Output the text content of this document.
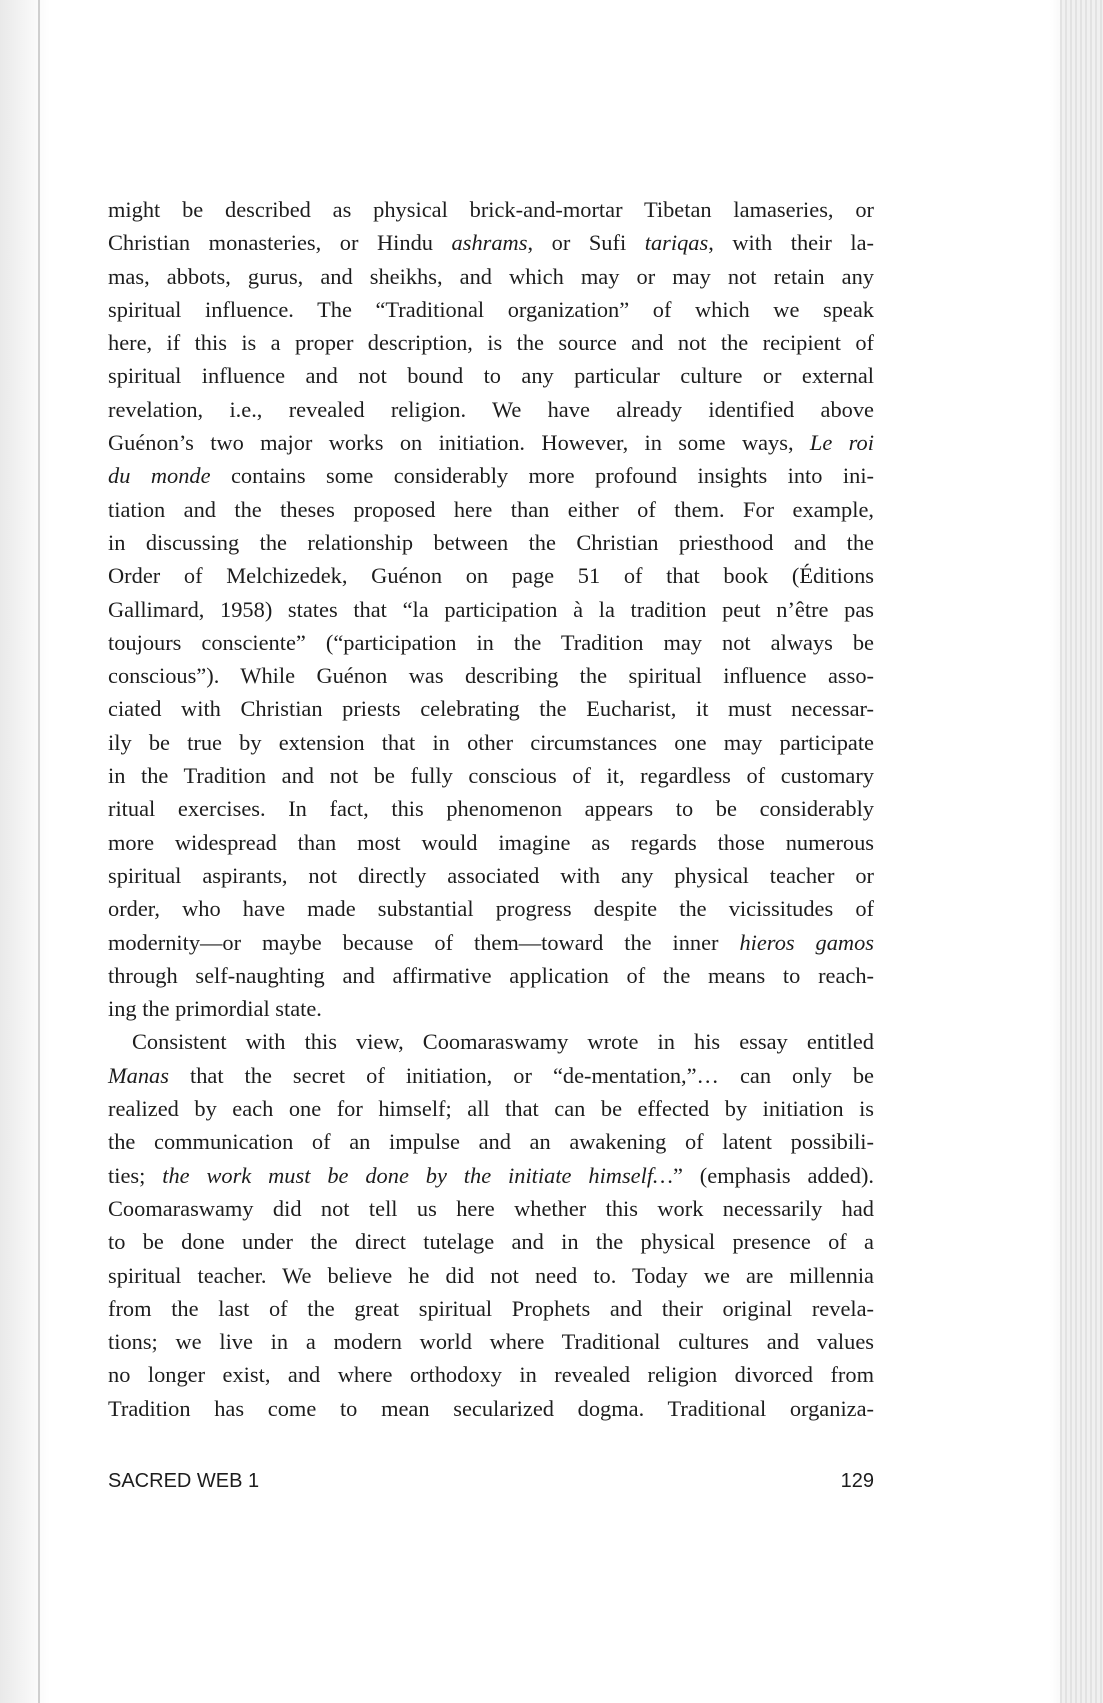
might be described as physical brick-and-mortar Tibetan lamaseries, or
Christian monasteries, or Hindu ashrams, or Sufi tariqas, with their la-
mas, abbots, gurus, and sheikhs, and which may or may not retain any
spiritual influence. The “Traditional organization” of which we speak
here, if this is a proper description, is the source and not the recipient of
spiritual influence and not bound to any particular culture or external
revelation, i.e., revealed religion. We have already identified above
Guénon’s two major works on initiation. However, in some ways, Le roi
du monde contains some considerably more profound insights into ini-
tiation and the theses proposed here than either of them. For example,
in discussing the relationship between the Christian priesthood and the
Order of Melchizedek, Guénon on page 51 of that book (Éditions
Gallimard, 1958) states that “la participation à la tradition peut n’être pas
toujours consciente” (“participation in the Tradition may not always be
conscious”). While Guénon was describing the spiritual influence asso-
ciated with Christian priests celebrating the Eucharist, it must necessar-
ily be true by extension that in other circumstances one may participate
in the Tradition and not be fully conscious of it, regardless of customary
ritual exercises. In fact, this phenomenon appears to be considerably
more widespread than most would imagine as regards those numerous
spiritual aspirants, not directly associated with any physical teacher or
order, who have made substantial progress despite the vicissitudes of
modernity—or maybe because of them—toward the inner hieros gamos
through self-naughting and affirmative application of the means to reach-
ing the primordial state.
Consistent with this view, Coomaraswamy wrote in his essay entitled
Manas that the secret of initiation, or “de-mentation,”… can only be
realized by each one for himself; all that can be effected by initiation is
the communication of an impulse and an awakening of latent possibili-
ties; the work must be done by the initiate himself…” (emphasis added).
Coomaraswamy did not tell us here whether this work necessarily had
to be done under the direct tutelage and in the physical presence of a
spiritual teacher. We believe he did not need to. Today we are millennia
from the last of the great spiritual Prophets and their original revela-
tions; we live in a modern world where Traditional cultures and values
no longer exist, and where orthodoxy in revealed religion divorced from
Tradition has come to mean secularized dogma. Traditional organiza-
SACRED WEB 1	129
